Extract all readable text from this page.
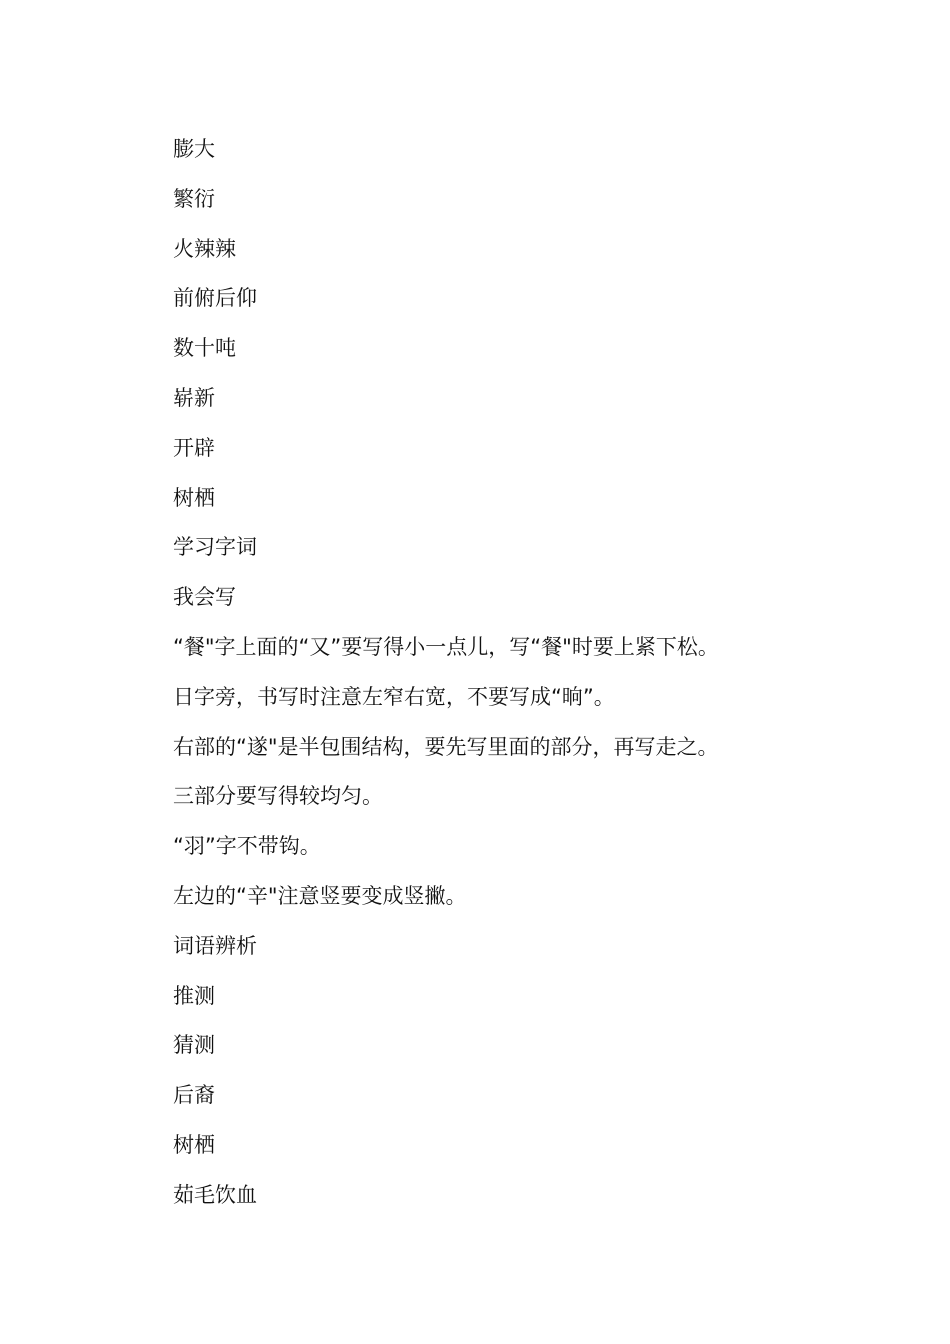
膨大
繁衍
火辣辣
前俯后仰
数十吨
崭新
开辟
树栖
学习字词
我会写
“餐"字上面的“又”要写得小一点儿，写“餐"时要上紧下松。
日字旁，书写时注意左窄右宽，不要写成“晌”。
右部的“遂"是半包围结构，要先写里面的部分，再写走之。
三部分要写得较均匀。
“羽”字不带钩。
左边的“辛"注意竖要变成竖撇。
词语辨析
推测
猜测
后裔
树栖
茹毛饮血
